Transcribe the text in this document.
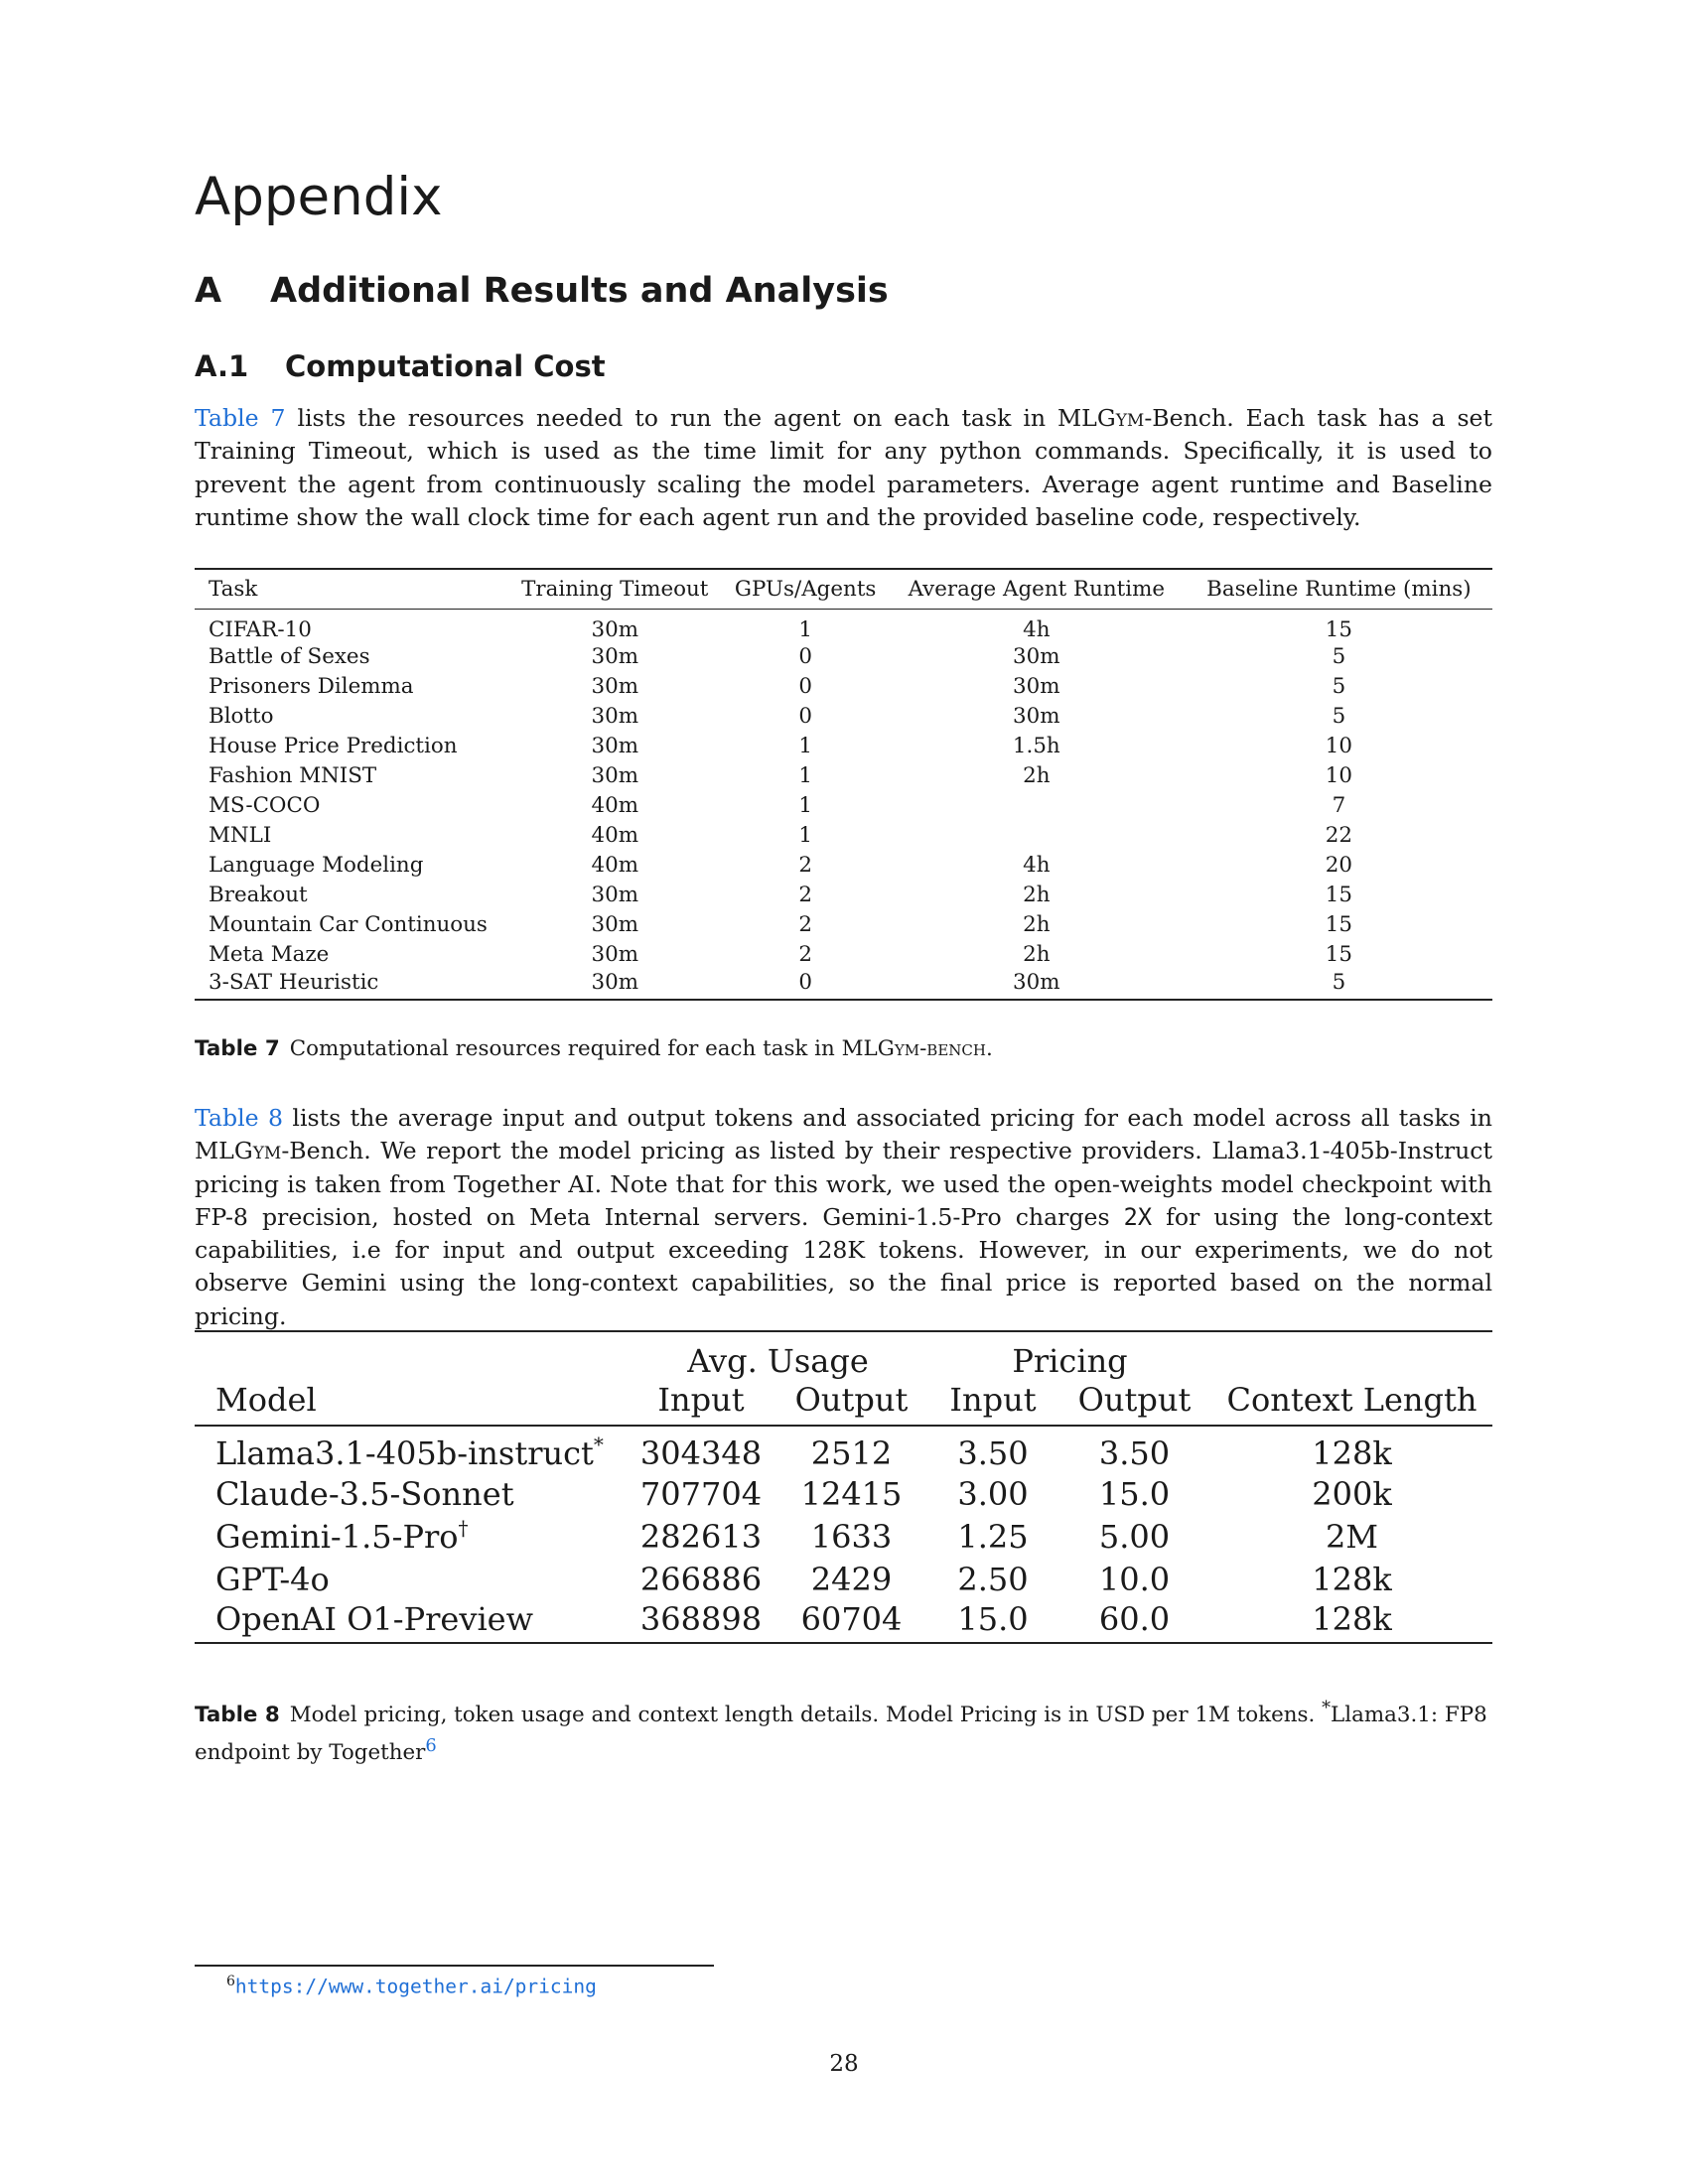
Appendix
A Additional Results and Analysis
A.1 Computational Cost

Table 7 lists the resources needed to run the agent on each task in MLGym-Bench. Each task has a set Training Timeout, which is used as the time limit for any python commands. Specifically, it is used to prevent the agent from continuously scaling the model parameters. Average agent runtime and Baseline runtime show the wall clock time for each agent run and the provided baseline code, respectively.

Task	Training Timeout	GPUs/Agents	Average Agent Runtime	Baseline Runtime (mins)
CIFAR-10	30m	1	4h	15
Battle of Sexes	30m	0	30m	5
Prisoners Dilemma	30m	0	30m	5
Blotto	30m	0	30m	5
House Price Prediction	30m	1	1.5h	10
Fashion MNIST	30m	1	2h	10
MS-COCO	40m	1		7
MNLI	40m	1		22
Language Modeling	40m	2	4h	20
Breakout	30m	2	2h	15
Mountain Car Continuous	30m	2	2h	15
Meta Maze	30m	2	2h	15
3-SAT Heuristic	30m	0	30m	5

Table 7 Computational resources required for each task in MLGym-bench.

Table 8 lists the average input and output tokens and associated pricing for each model across all tasks in MLGym-Bench. We report the model pricing as listed by their respective providers. Llama3.1-405b-Instruct pricing is taken from Together AI. Note that for this work, we used the open-weights model checkpoint with FP-8 precision, hosted on Meta Internal servers. Gemini-1.5-Pro charges 2X for using the long-context capabilities, i.e for input and output exceeding 128K tokens. However, in our experiments, we do not observe Gemini using the long-context capabilities, so the final price is reported based on the normal pricing.

	Avg. Usage		Pricing		
Model	Input	Output	Input	Output	Context Length
Llama3.1-405b-instruct*	304348	2512	3.50	3.50	128k
Claude-3.5-Sonnet	707704	12415	3.00	15.0	200k
Gemini-1.5-Pro†	282613	1633	1.25	5.00	2M
GPT-4o	266886	2429	2.50	10.0	128k
OpenAI O1-Preview	368898	60704	15.0	60.0	128k

Table 8 Model pricing, token usage and context length details. Model Pricing is in USD per 1M tokens. *Llama3.1: FP8 endpoint by Together$^6$

$^6$https://www.together.ai/pricing
28
